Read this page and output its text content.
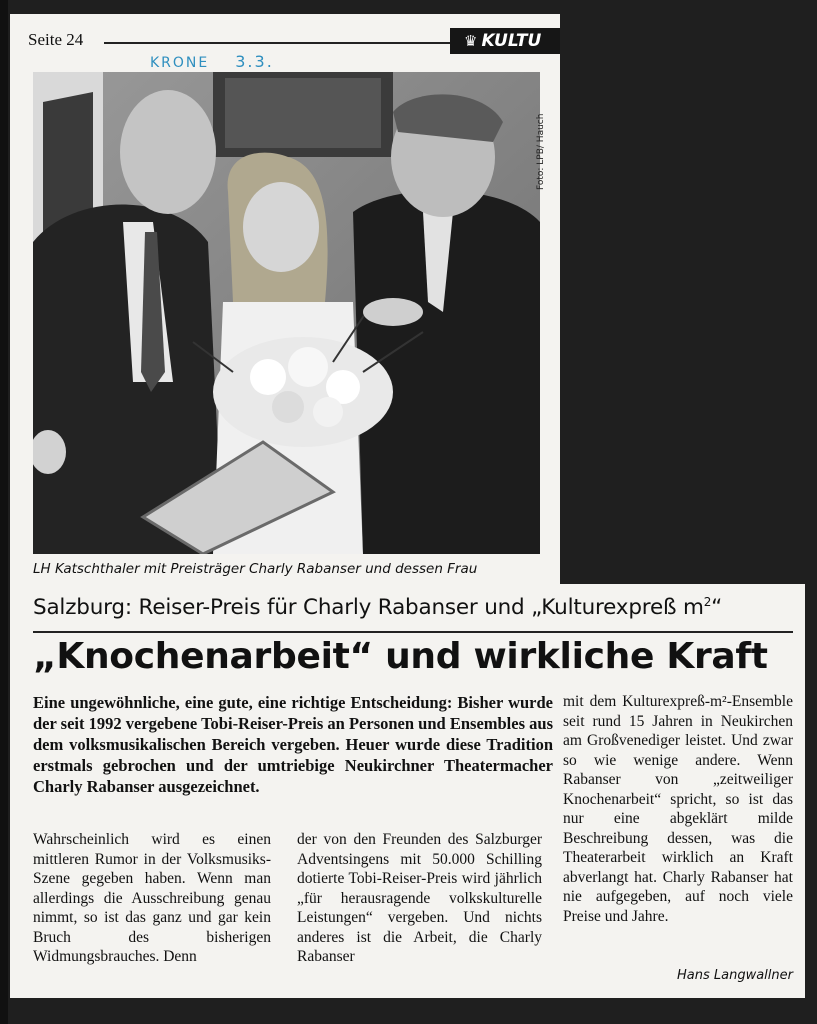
Seite 24	♛ KULTU
KRONE 3.3.
Foto: LPB/ Hauch
LH Katschthaler mit Preisträger Charly Rabanser und dessen Frau
Salzburg: Reiser-Preis für Charly Rabanser und „Kulturexpreß $m^2“$
„Knochenarbeit“ und wirkliche Kraft
Eine ungewöhnliche, eine gute, eine richtige Entscheidung: Bisher wurde der seit 1992 vergebene Tobi-Reiser-Preis an Personen und Ensembles aus dem volksmusikalischen Bereich vergeben. Heuer wurde diese Tradition erstmals gebrochen und der umtriebige Neukirchner Theatermacher Charly Rabanser ausgezeichnet.
Wahrscheinlich wird es einen mittleren Rumor in der Volksmusiks-Szene gegeben haben. Wenn man allerdings die Ausschreibung genau nimmt, so ist das ganz und gar kein Bruch des bisherigen Widmungsbrauches. Denn
der von den Freunden des Salzburger Adventsingens mit 50.000 Schilling dotierte Tobi-Reiser-Preis wird jährlich „für herausragende volkskulturelle Leistungen“ vergeben. Und nichts anderes ist die Arbeit, die Charly Rabanser
mit dem Kulturexpreß-m²-Ensemble seit rund 15 Jahren in Neukirchen am Großvenediger leistet. Und zwar so wie wenige andere. Wenn Rabanser von „zeitweiliger Knochenarbeit“ spricht, so ist das nur eine abgeklärt milde Beschreibung dessen, was die Theaterarbeit wirklich an Kraft abverlangt hat. Charly Rabanser hat nie aufgegeben, auf noch viele Preise und Jahre.
Hans Langwallner
